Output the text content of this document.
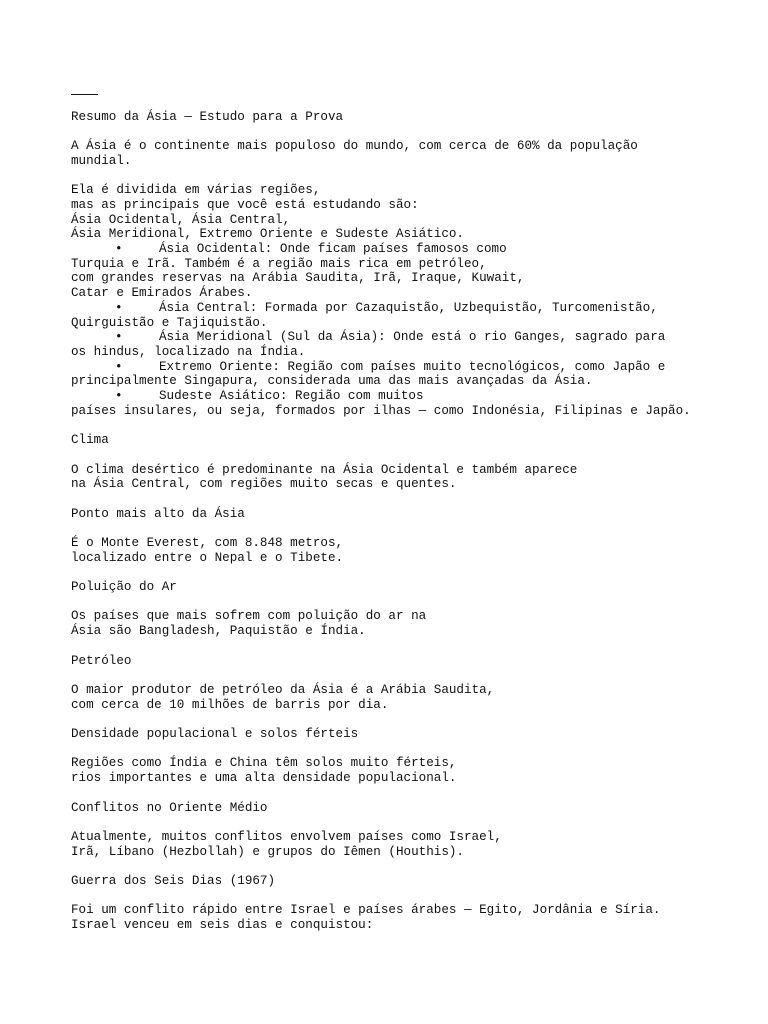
Resumo da Ásia — Estudo para a Prova
A Ásia é o continente mais populoso do mundo, com cerca de 60% da população
mundial.
Ela é dividida em várias regiões,
mas as principais que você está estudando são:
Ásia Ocidental, Ásia Central,
Ásia Meridional, Extremo Oriente e Sudeste Asiático.
•	Ásia Ocidental: Onde ficam países famosos como
Turquia e Irã. Também é a região mais rica em petróleo,
com grandes reservas na Arábia Saudita, Irã, Iraque, Kuwait,
Catar e Emirados Árabes.
•	Ásia Central: Formada por Cazaquistão, Uzbequistão, Turcomenistão,
Quirguistão e Tajiquistão.
•	Ásia Meridional (Sul da Ásia): Onde está o rio Ganges, sagrado para
os hindus, localizado na Índia.
•	Extremo Oriente: Região com países muito tecnológicos, como Japão e
principalmente Singapura, considerada uma das mais avançadas da Ásia.
•	Sudeste Asiático: Região com muitos
países insulares, ou seja, formados por ilhas — como Indonésia, Filipinas e Japão.
Clima
O clima desértico é predominante na Ásia Ocidental e também aparece
na Ásia Central, com regiões muito secas e quentes.
Ponto mais alto da Ásia
É o Monte Everest, com 8.848 metros,
localizado entre o Nepal e o Tibete.
Poluição do Ar
Os países que mais sofrem com poluição do ar na
Ásia são Bangladesh, Paquistão e Índia.
Petróleo
O maior produtor de petróleo da Ásia é a Arábia Saudita,
com cerca de 10 milhões de barris por dia.
Densidade populacional e solos férteis
Regiões como Índia e China têm solos muito férteis,
rios importantes e uma alta densidade populacional.
Conflitos no Oriente Médio
Atualmente, muitos conflitos envolvem países como Israel,
Irã, Líbano (Hezbollah) e grupos do Iêmen (Houthis).
Guerra dos Seis Dias (1967)
Foi um conflito rápido entre Israel e países árabes — Egito, Jordânia e Síria.
Israel venceu em seis dias e conquistou:
